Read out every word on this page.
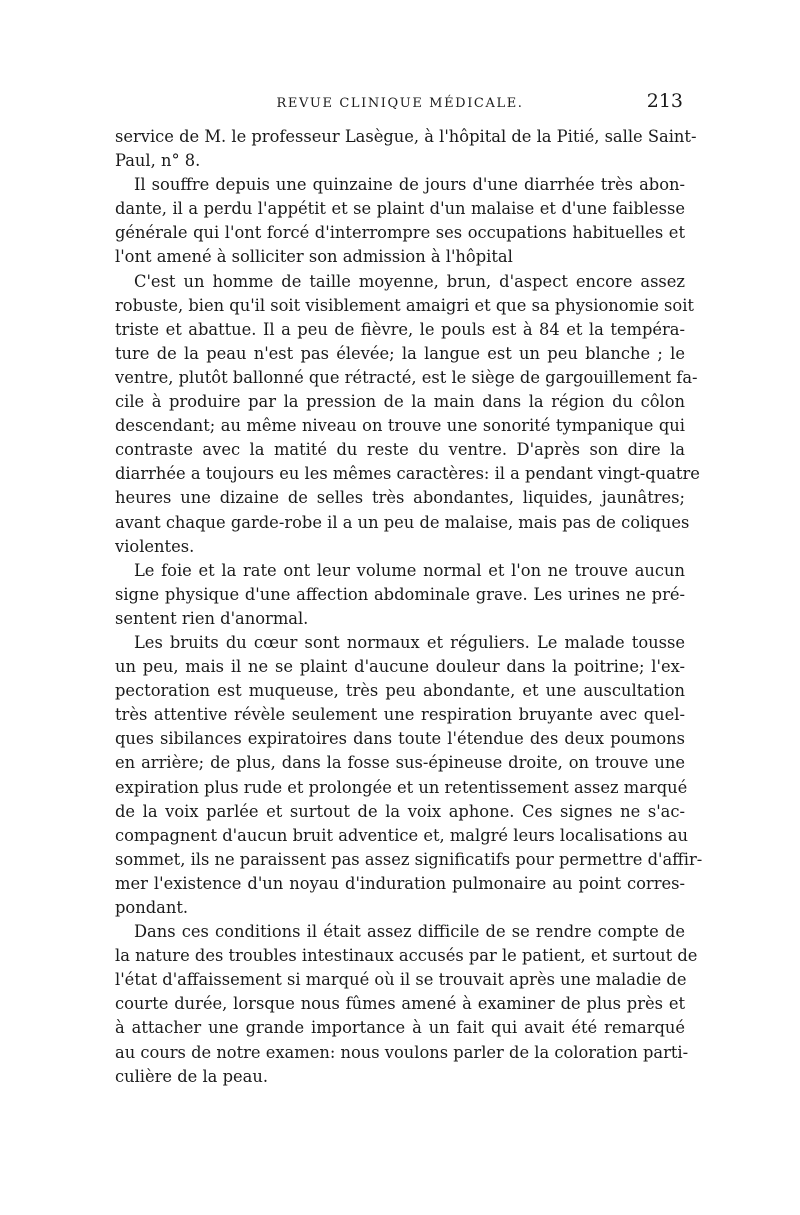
REVUE CLINIQUE MÉDICALE.	213

service de M. le professeur Lasègue, à l'hôpital de la Pitié, salle Saint-
Paul, n° 8.

Il souffre depuis une quinzaine de jours d'une diarrhée très abon-
dante, il a perdu l'appétit et se plaint d'un malaise et d'une faiblesse
générale qui l'ont forcé d'interrompre ses occupations habituelles et
l'ont amené à solliciter son admission à l'hôpital

C'est un homme de taille moyenne, brun, d'aspect encore assez
robuste, bien qu'il soit visiblement amaigri et que sa physionomie soit
triste et abattue. Il a peu de fièvre, le pouls est à 84 et la tempéra-
ture de la peau n'est pas élevée; la langue est un peu blanche ; le
ventre, plutôt ballonné que rétracté, est le siège de gargouillement fa-
cile à produire par la pression de la main dans la région du côlon
descendant; au même niveau on trouve une sonorité tympanique qui
contraste avec la matité du reste du ventre. D'après son dire la
diarrhée a toujours eu les mêmes caractères: il a pendant vingt-quatre
heures une dizaine de selles très abondantes, liquides, jaunâtres;
avant chaque garde-robe il a un peu de malaise, mais pas de coliques
violentes.

Le foie et la rate ont leur volume normal et l'on ne trouve aucun
signe physique d'une affection abdominale grave. Les urines ne pré-
sentent rien d'anormal.

Les bruits du cœur sont normaux et réguliers. Le malade tousse
un peu, mais il ne se plaint d'aucune douleur dans la poitrine; l'ex-
pectoration est muqueuse, très peu abondante, et une auscultation
très attentive révèle seulement une respiration bruyante avec quel-
ques sibilances expiratoires dans toute l'étendue des deux poumons
en arrière; de plus, dans la fosse sus-épineuse droite, on trouve une
expiration plus rude et prolongée et un retentissement assez marqué
de la voix parlée et surtout de la voix aphone. Ces signes ne s'ac-
compagnent d'aucun bruit adventice et, malgré leurs localisations au
sommet, ils ne paraissent pas assez significatifs pour permettre d'affir-
mer l'existence d'un noyau d'induration pulmonaire au point corres-
pondant.

Dans ces conditions il était assez difficile de se rendre compte de
la nature des troubles intestinaux accusés par le patient, et surtout de
l'état d'affaissement si marqué où il se trouvait après une maladie de
courte durée, lorsque nous fûmes amené à examiner de plus près et
à attacher une grande importance à un fait qui avait été remarqué
au cours de notre examen: nous voulons parler de la coloration parti-
culière de la peau.
